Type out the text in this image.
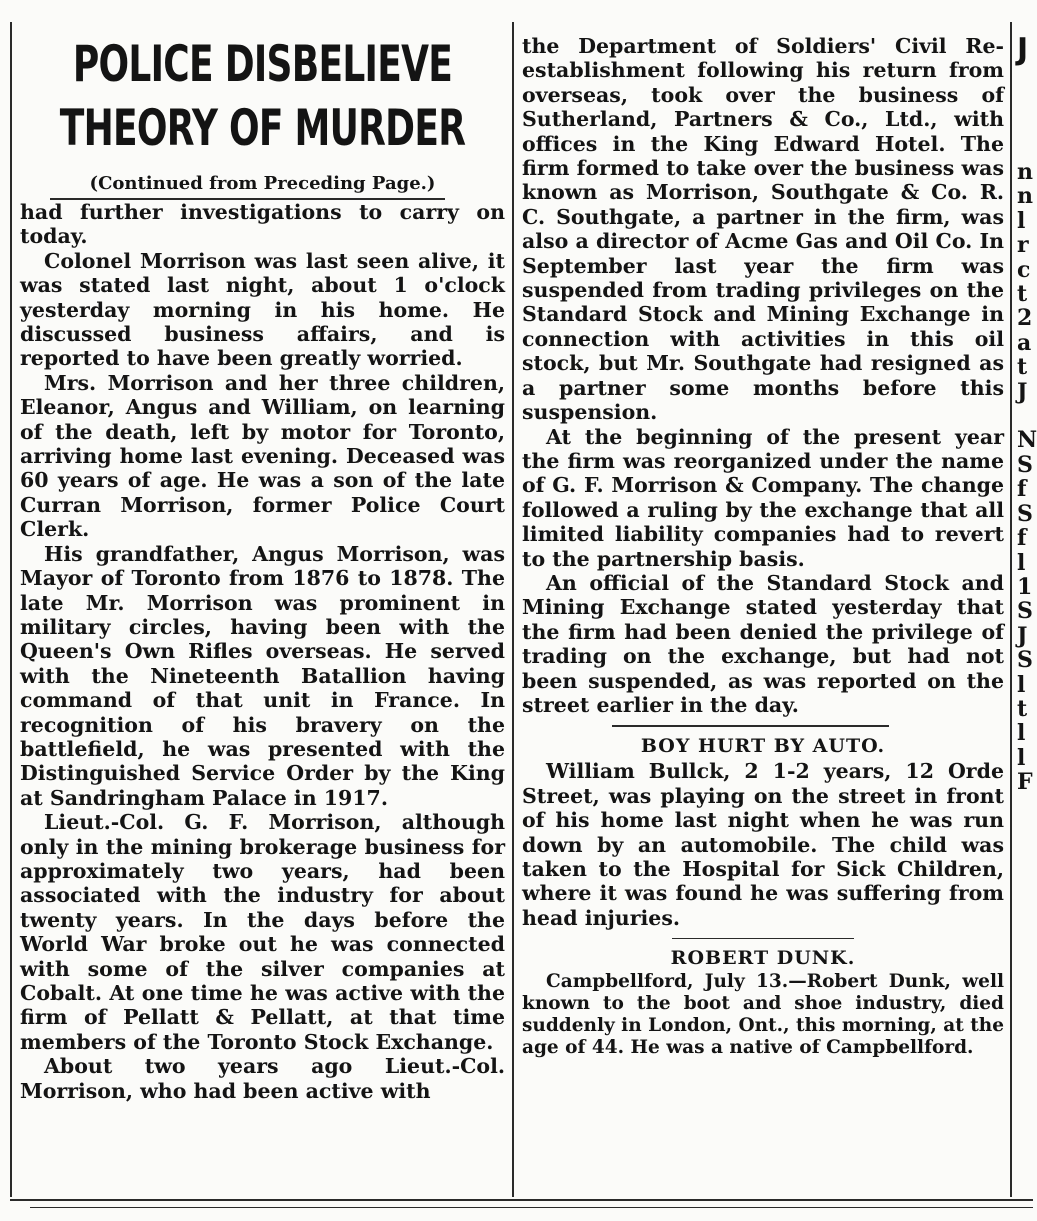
POLICE DISBELIEVE
THEORY OF MURDER
(Continued from Preceding Page.)

had further investigations to carry on today.

Colonel Morrison was last seen alive, it was stated last night, about 1 o'clock yesterday morning in his home. He discussed business affairs, and is reported to have been greatly worried.

Mrs. Morrison and her three children, Eleanor, Angus and William, on learning of the death, left by motor for Toronto, arriving home last evening. Deceased was 60 years of age. He was a son of the late Curran Morrison, former Police Court Clerk.

His grandfather, Angus Morrison, was Mayor of Toronto from 1876 to 1878. The late Mr. Morrison was prominent in military circles, having been with the Queen's Own Rifles overseas. He served with the Nineteenth Batallion having command of that unit in France. In recognition of his bravery on the battlefield, he was presented with the Distinguished Service Order by the King at Sandringham Palace in 1917.

Lieut.-Col. G. F. Morrison, although only in the mining brokerage business for approximately two years, had been associated with the industry for about twenty years. In the days before the World War broke out he was connected with some of the silver companies at Cobalt. At one time he was active with the firm of Pellatt & Pellatt, at that time members of the Toronto Stock Exchange.

About two years ago Lieut.-Col. Morrison, who had been active with

the Department of Soldiers' Civil Re-establishment following his return from overseas, took over the business of Sutherland, Partners & Co., Ltd., with offices in the King Edward Hotel. The firm formed to take over the business was known as Morrison, Southgate & Co. R. C. Southgate, a partner in the firm, was also a director of Acme Gas and Oil Co. In September last year the firm was suspended from trading privileges on the Standard Stock and Mining Exchange in connection with activities in this oil stock, but Mr. Southgate had resigned as a partner some months before this suspension.

At the beginning of the present year the firm was reorganized under the name of G. F. Morrison & Company. The change followed a ruling by the exchange that all limited liability companies had to revert to the partnership basis.

An official of the Standard Stock and Mining Exchange stated yesterday that the firm had been denied the privilege of trading on the exchange, but had not been suspended, as was reported on the street earlier in the day.

BOY HURT BY AUTO.

William Bullck, 2 1-2 years, 12 Orde Street, was playing on the street in front of his home last night when he was run down by an automobile. The child was taken to the Hospital for Sick Children, where it was found he was suffering from head injuries.

ROBERT DUNK.

Campbellford, July 13.—Robert Dunk, well known to the boot and shoe industry, died suddenly in London, Ont., this morning, at the age of 44. He was a native of Campbellford.

J
n
n
l
r
c
t
2
a
t
J

N
S
f
S
f
l
1
S
J
S
l
t
l
l
F
